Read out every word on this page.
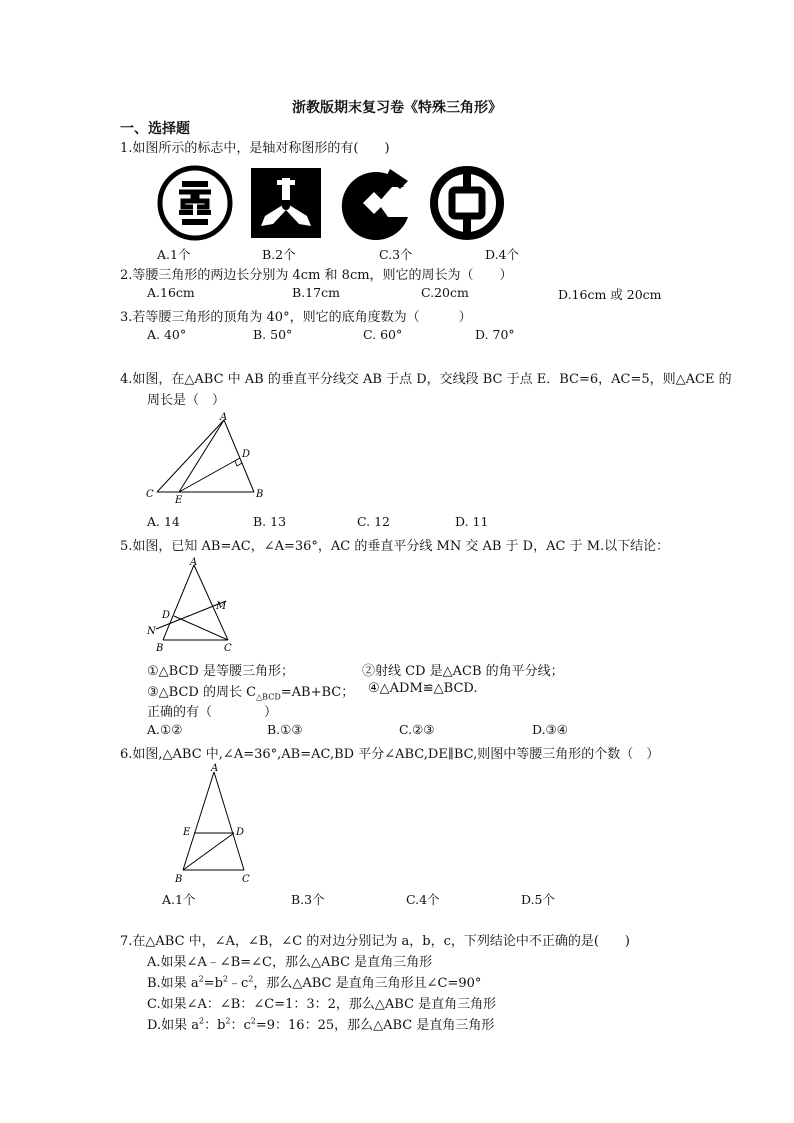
浙教版期末复习卷《特殊三角形》
一、选择题
1.如图所示的标志中，是轴对称图形的有(　　)
A.1个	B.2个	C.3个	D.4个
2.等腰三角形的两边长分别为 4cm 和 8cm，则它的周长为（　　）
A.16cm	B.17cm	C.20cm	D.16cm 或 20cm
3.若等腰三角形的顶角为 40°，则它的底角度数为（　　　）
A. 40°	B. 50°	C. 60°	D. 70°
4.如图，在△ABC 中 AB 的垂直平分线交 AB 于点 D，交线段 BC 于点 E．BC=6，AC=5，则△ACE 的
周长是（　）
A
D
B
C
E
A. 14	B. 13	C. 12	D. 11
5.如图，已知 AB=AC，∠A=36°，AC 的垂直平分线 MN 交 AB 于 D，AC 于 M.以下结论：
A
M
D
N
B	C
①△BCD 是等腰三角形；	②射线 CD 是△ACB 的角平分线；
③△BCD 的周长 $C_{\triangle BCD}=AB+BC$； ④△ADM≌△BCD.
正确的有（　　　　）
A.①②	B.①③	C.②③	D.③④
6.如图,△ABC 中,∠A=36°,AB=AC,BD 平分∠ABC,DE∥BC,则图中等腰三角形的个数（　）
A
E	D
B	C
A.1个	B.3个	C.4个	D.5个
7.在△ABC 中，∠A，∠B，∠C 的对边分别记为 a，b，c，下列结论中不正确的是(　　)
A.如果∠A﹣∠B=∠C，那么△ABC 是直角三角形
B.如果 $a^2=b^2﹣c^2$，那么△ABC 是直角三角形且∠C=90°
C.如果∠A：∠B：∠C=1：3：2，那么△ABC 是直角三角形
D.如果 $a^2$：$b^2$：$c^2=9$：16：25，那么△ABC 是直角三角形
